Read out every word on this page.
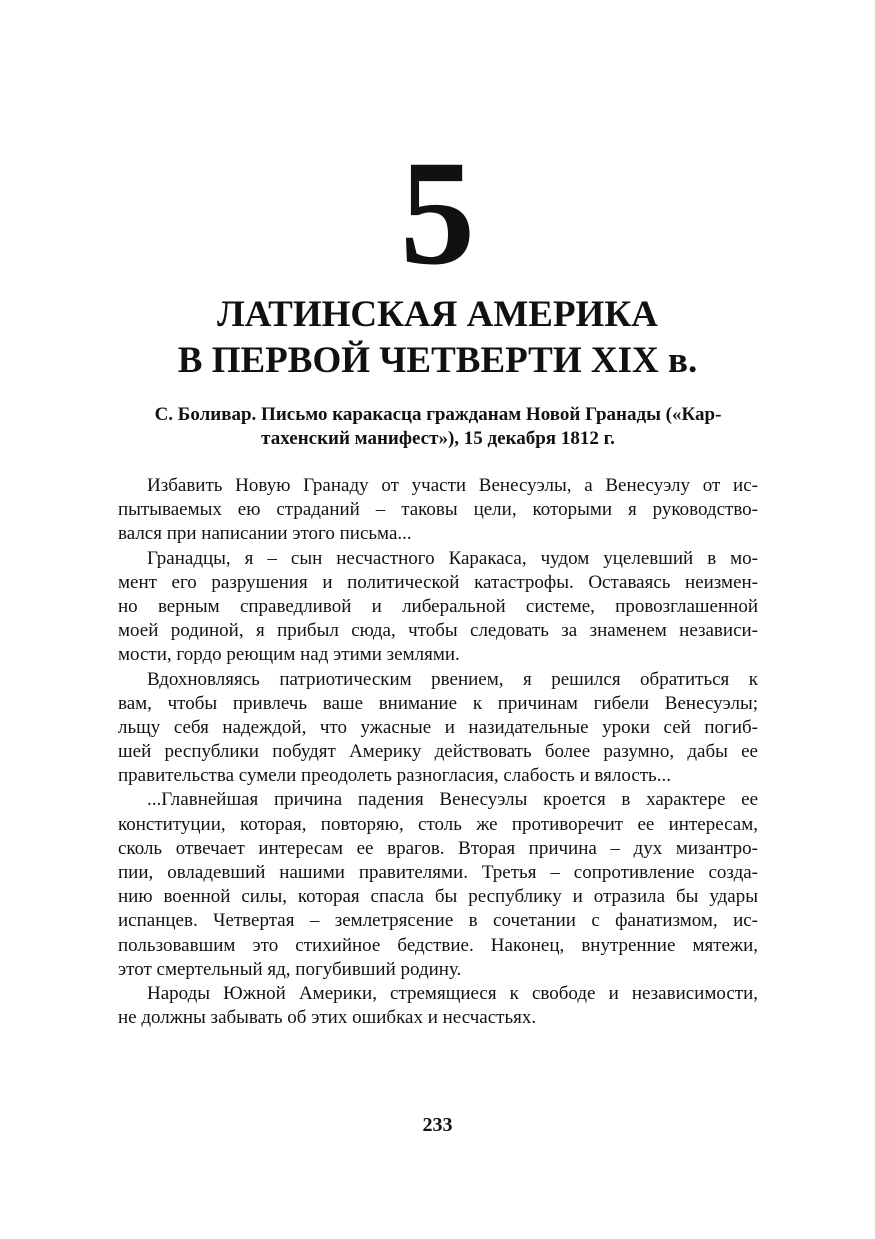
5
ЛАТИНСКАЯ АМЕРИКА
В ПЕРВОЙ ЧЕТВЕРТИ XIX в.
С. Боливар. Письмо каракасца гражданам Новой Гранады («Кар-
тахенский манифест»), 15 декабря 1812 г.
Избавить Новую Гранаду от участи Венесуэлы, а Венесуэлу от ис-
пытываемых ею страданий – таковы цели, которыми я руководство-
вался при написании этого письма...
Гранадцы, я – сын несчастного Каракаса, чудом уцелевший в мо-
мент его разрушения и политической катастрофы. Оставаясь неизмен-
но верным справедливой и либеральной системе, провозглашенной
моей родиной, я прибыл сюда, чтобы следовать за знаменем независи-
мости, гордо реющим над этими землями.
Вдохновляясь патриотическим рвением, я решился обратиться к
вам, чтобы привлечь ваше внимание к причинам гибели Венесуэлы;
льщу себя надеждой, что ужасные и назидательные уроки сей погиб-
шей республики побудят Америку действовать более разумно, дабы ее
правительства сумели преодолеть разногласия, слабость и вялость...
...Главнейшая причина падения Венесуэлы кроется в характере ее
конституции, которая, повторяю, столь же противоречит ее интересам,
сколь отвечает интересам ее врагов. Вторая причина – дух мизантро-
пии, овладевший нашими правителями. Третья – сопротивление созда-
нию военной силы, которая спасла бы республику и отразила бы удары
испанцев. Четвертая – землетрясение в сочетании с фанатизмом, ис-
пользовавшим это стихийное бедствие. Наконец, внутренние мятежи,
этот смертельный яд, погубивший родину.
Народы Южной Америки, стремящиеся к свободе и независимости,
не должны забывать об этих ошибках и несчастьях.
233
